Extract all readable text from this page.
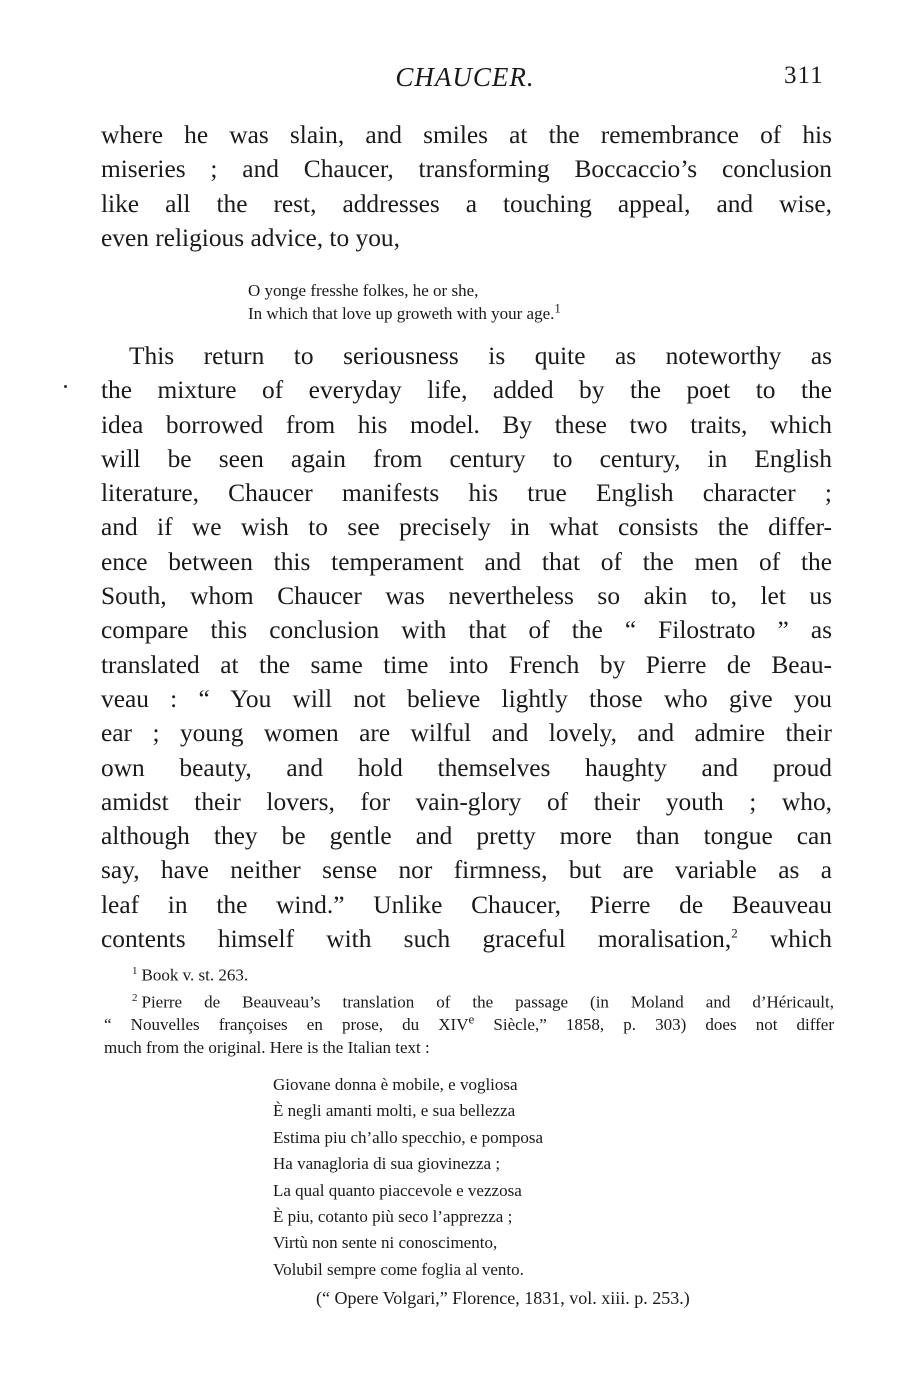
CHAUCER.	311
where he was slain, and smiles at the remembrance of his
miseries ; and Chaucer, transforming Boccaccio’s conclusion
like all the rest, addresses a touching appeal, and wise,
even religious advice, to you,
O yonge fresshe folkes, he or she,
In which that love up groweth with your age.$^1$
This return to seriousness is quite as noteworthy as
the mixture of everyday life, added by the poet to the
idea borrowed from his model. By these two traits, which
will be seen again from century to century, in English
literature, Chaucer manifests his true English character ;
and if we wish to see precisely in what consists the differ-
ence between this temperament and that of the men of the
South, whom Chaucer was nevertheless so akin to, let us
compare this conclusion with that of the “ Filostrato ” as
translated at the same time into French by Pierre de Beau-
veau : “ You will not believe lightly those who give you
ear ; young women are wilful and lovely, and admire their
own beauty, and hold themselves haughty and proud
amidst their lovers, for vain-glory of their youth ; who,
although they be gentle and pretty more than tongue can
say, have neither sense nor firmness, but are variable as a
leaf in the wind.” Unlike Chaucer, Pierre de Beauveau
contents himself with such graceful moralisation,$^2$ which
$^1$ Book v. st. 263.
$^2$ Pierre de Beauveau’s translation of the passage (in Moland and d’Héricault,
“ Nouvelles françoises en prose, du XIVe Siècle,” 1858, p. 303) does not differ
much from the original. Here is the Italian text :
Giovane donna è mobile, e vogliosa
È negli amanti molti, e sua bellezza
Estima piu ch’allo specchio, e pomposa
Ha vanagloria di sua giovinezza ;
La qual quanto piaccevole e vezzosa
È piu, cotanto più seco l’apprezza ;
Virtù non sente ni conoscimento,
Volubil sempre come foglia al vento.
(“ Opere Volgari,” Florence, 1831, vol. xiii. p. 253.)
